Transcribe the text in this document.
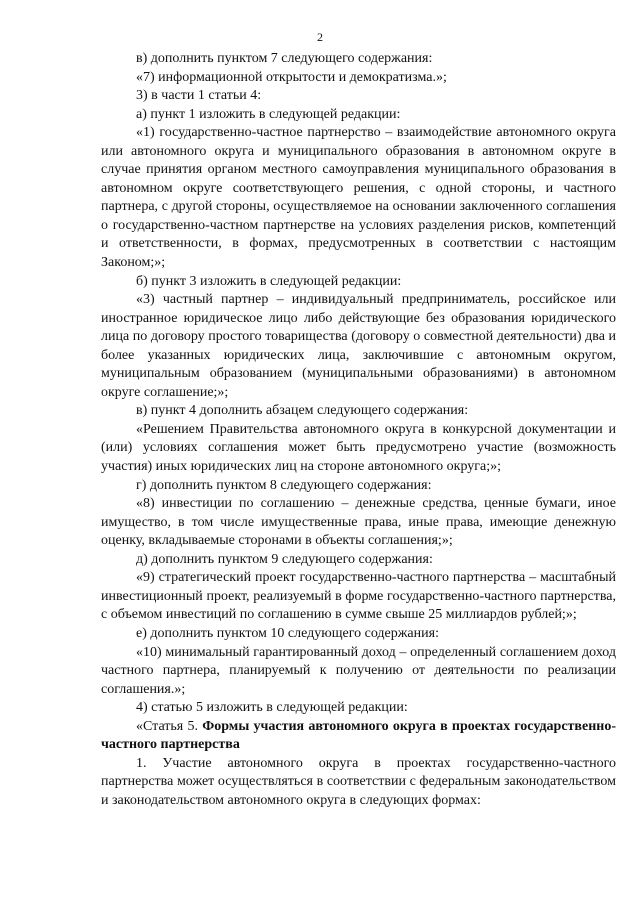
2

в) дополнить пунктом 7 следующего содержания:

«7) информационной открытости и демократизма.»;

3) в части 1 статьи 4:

а) пункт 1 изложить в следующей редакции:

«1) государственно-частное партнерство – взаимодействие автономного округа или автономного округа и муниципального образования в автономном округе в случае принятия органом местного самоуправления муниципального образования в автономном округе соответствующего решения, с одной стороны, и частного партнера, с другой стороны, осуществляемое на основании заключенного соглашения о государственно-частном партнерстве на условиях разделения рисков, компетенций и ответственности, в формах, предусмотренных в соответствии с настоящим Законом;»;

б) пункт 3 изложить в следующей редакции:

«3) частный партнер – индивидуальный предприниматель, российское или иностранное юридическое лицо либо действующие без образования юридического лица по договору простого товарищества (договору о совместной деятельности) два и более указанных юридических лица, заключившие с автономным округом, муниципальным образованием (муниципальными образованиями) в автономном округе соглашение;»;

в) пункт 4 дополнить абзацем следующего содержания:

«Решением Правительства автономного округа в конкурсной документации и (или) условиях соглашения может быть предусмотрено участие (возможность участия) иных юридических лиц на стороне автономного округа;»;

г) дополнить пунктом 8 следующего содержания:

«8) инвестиции по соглашению – денежные средства, ценные бумаги, иное имущество, в том числе имущественные права, иные права, имеющие денежную оценку, вкладываемые сторонами в объекты соглашения;»;

д) дополнить пунктом 9 следующего содержания:

«9) стратегический проект государственно-частного партнерства – масштабный инвестиционный проект, реализуемый в форме государственно-частного партнерства, с объемом инвестиций по соглашению в сумме свыше 25 миллиардов рублей;»;

е) дополнить пунктом 10 следующего содержания:

«10) минимальный гарантированный доход – определенный соглашением доход частного партнера, планируемый к получению от деятельности по реализации соглашения.»;

4) статью 5 изложить в следующей редакции:

«Статья 5. Формы участия автономного округа в проектах государственно-частного партнерства

1. Участие автономного округа в проектах государственно-частного партнерства может осуществляться в соответствии с федеральным законодательством и законодательством автономного округа в следующих формах:
